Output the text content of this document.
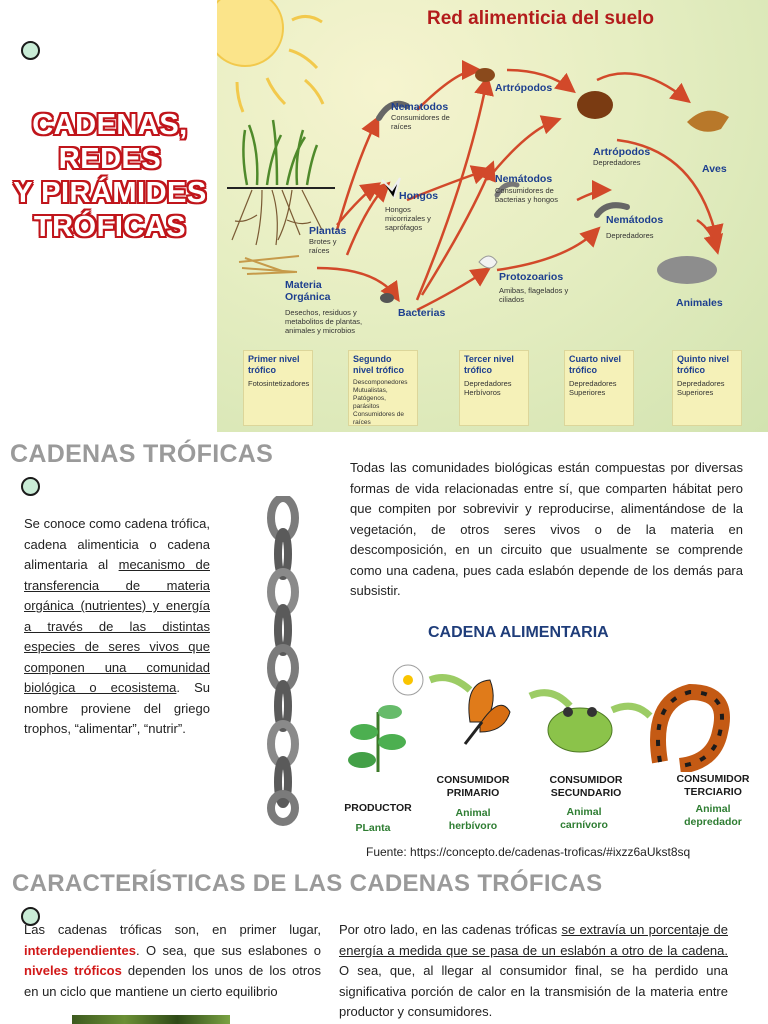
CADENAS,
REDES
Y PIRÁMIDES
TRÓFICAS
Red alimenticia del suelo
Nematodos
Consumidores de raíces
Artrópodos
Artrópodos
Depredadores
Aves
Hongos
Hongos micorrizales y saprófagos
Nemátodos
Consumidores de bacterias y hongos
Nemátodos
Depredadores
Plantas
Brotes y raíces
Materia Orgánica
Desechos, residuos y metabolitos de plantas, animales y microbios
Bacterias
Protozoarios
Amibas, flagelados y ciliados	Animales
Primer nivel trófico
Fotosintetizadores
Segundo nivel trófico
Descomponedores Mutualistas, Patógenos, parásitos Consumidores de raíces
Tercer nivel trófico
Depredadores Herbívoros
Cuarto nivel trófico
Depredadores Superiores
Quinto nivel trófico
Depredadores Superiores
CADENAS TRÓFICAS
Se conoce como cadena trófica, cadena alimenticia o cadena alimentaria al mecanismo de transferencia de materia orgánica (nutrientes) y energía a través de las distintas especies de seres vivos que componen una comunidad biológica o ecosistema. Su nombre proviene del griego trophos, “alimentar”, “nutrir”.
Todas las comunidades biológicas están compuestas por diversas formas de vida relacionadas entre sí, que comparten hábitat pero que compiten por sobrevivir y reproducirse, alimentándose de la vegetación, de otros seres vivos o de la materia en descomposición, en un circuito que usualmente se comprende como una cadena, pues cada eslabón depende de los demás para subsistir.
CADENA ALIMENTARIA
PRODUCTOR
PLanta
CONSUMIDOR PRIMARIO
Animal herbívoro
CONSUMIDOR SECUNDARIO
Animal carnívoro
CONSUMIDOR TERCIARIO
Animal depredador
Fuente: https://concepto.de/cadenas-troficas/#ixzz6aUkst8sq
CARACTERÍSTICAS DE LAS CADENAS TRÓFICAS
Las cadenas tróficas son, en primer lugar, interdependientes. O sea, que sus eslabones o niveles tróficos dependen los unos de los otros en un ciclo que mantiene un cierto equilibrio
Por otro lado, en las cadenas tróficas se extravía un porcentaje de energía a medida que se pasa de un eslabón a otro de la cadena. O sea, que, al llegar al consumidor final, se ha perdido una significativa porción de calor en la transmisión de la materia entre productor y consumidores.
